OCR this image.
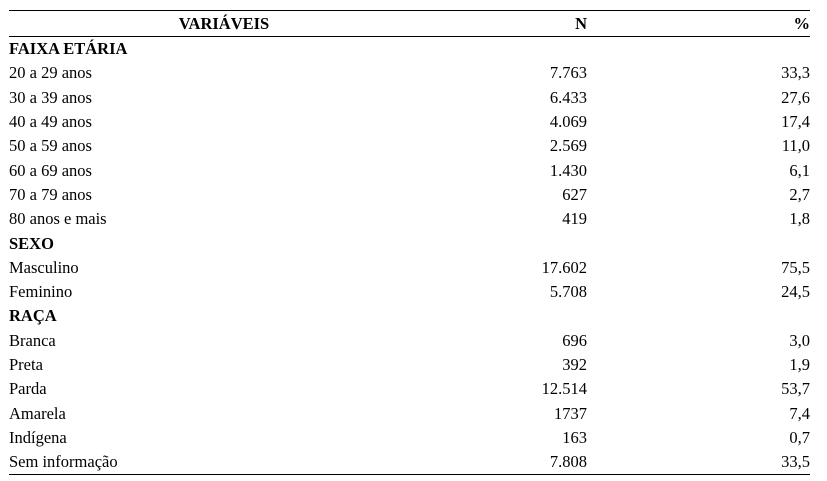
VARIÁVEIS	N	%
FAIXA ETÁRIA		
20 a 29 anos	7.763	33,3
30 a 39 anos	6.433	27,6
40 a 49 anos	4.069	17,4
50 a 59 anos	2.569	11,0
60 a 69 anos	1.430	6,1
70 a 79 anos	627	2,7
80 anos e mais	419	1,8
SEXO		
Masculino	17.602	75,5
Feminino	5.708	24,5
RAÇA		
Branca	696	3,0
Preta	392	1,9
Parda	12.514	53,7
Amarela	1737	7,4
Indígena	163	0,7
Sem informação	7.808	33,5
